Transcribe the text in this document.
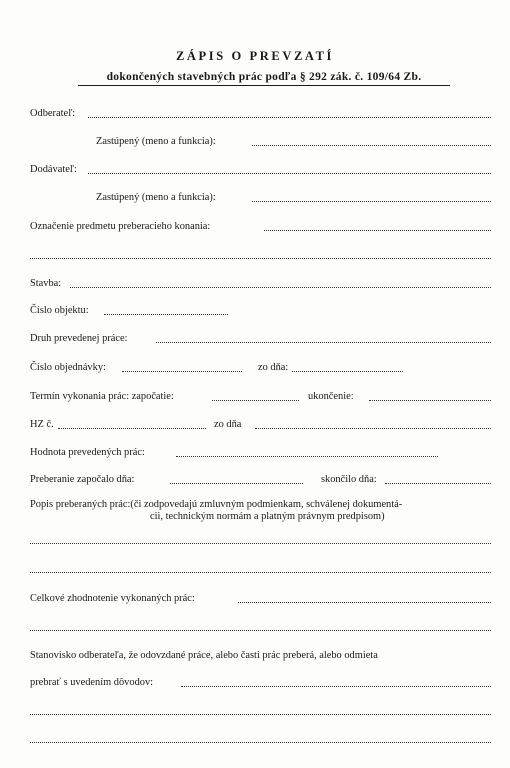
ZÁPIS O PREVZATÍ
dokončených stavebných prác podľa § 292 zák. č. 109/64 Zb.
Odberateľ:
Zastúpený (meno a funkcia):
Dodávateľ:
Zastúpený (meno a funkcia):
Označenie predmetu preberacieho konania:
Stavba:
Číslo objektu:
Druh prevedenej práce:
Číslo objednávky:	zo dňa:
Termín vykonania prác: započatie:	ukončenie:
HZ č.	zo dňa
Hodnota prevedených prác:
Preberanie započalo dňa:	skončilo dňa:
Popis preberaných prác:(či zodpovedajú zmluvným podmienkam, schválenej dokumentá-
cii, technickým normám a platným právnym predpisom)
Celkové zhodnotenie vykonaných prác:
Stanovisko odberateľa, že odovzdané práce, alebo časti prác preberá, alebo odmieta
prebrať s uvedením dôvodov:
